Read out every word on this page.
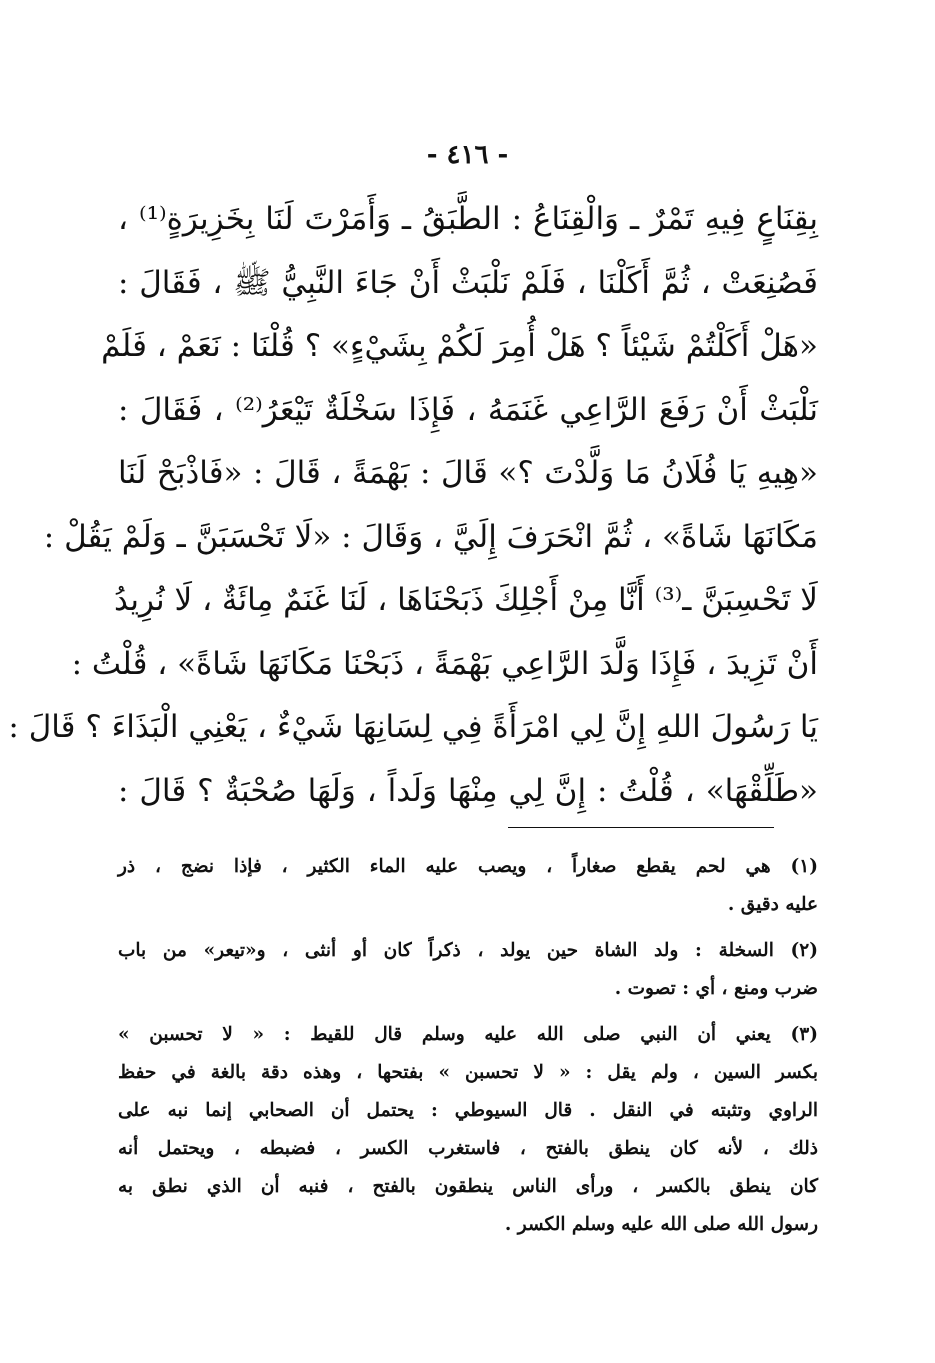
- ٤١٦ -
بِقِنَاعٍ فِيهِ تَمْرٌ ـ وَالْقِنَاعُ : الطَّبَقُ ـ وَأَمَرْتَ لَنَا بِخَزِيرَةٍ⁽¹⁾ ،
فَصُنِعَتْ ، ثُمَّ أَكَلْنَا ، فَلَمْ نَلْبَثْ أَنْ جَاءَ النَّبِيُّ ﷺ ، فَقَالَ :
«هَلْ أَكَلْتُمْ شَيْئاً ؟ هَلْ أُمِرَ لَكُمْ بِشَيْءٍ» ؟ قُلْنَا : نَعَمْ ، فَلَمْ
نَلْبَثْ أَنْ رَفَعَ الرَّاعِي غَنَمَهُ ، فَإِذَا سَخْلَةٌ تَيْعَرُ⁽²⁾ ، فَقَالَ :
«هِيهِ يَا فُلَانُ مَا وَلَّدْتَ ؟» قَالَ : بَهْمَةً ، قَالَ : «فَاذْبَحْ لَنَا
مَكَانَهَا شَاةً» ، ثُمَّ انْحَرَفَ إِلَيَّ ، وَقَالَ : «لَا تَحْسَبَنَّ ـ وَلَمْ يَقُلْ :
لَا تَحْسِبَنَّ ـ⁽³⁾ أَنَّا مِنْ أَجْلِكَ ذَبَحْنَاهَا ، لَنَا غَنَمٌ مِائَةٌ ، لَا نُرِيدُ
أَنْ تَزِيدَ ، فَإِذَا وَلَّدَ الرَّاعِي بَهْمَةً ، ذَبَحْنَا مَكَانَهَا شَاةً» ، قُلْتُ :
يَا رَسُولَ اللهِ إِنَّ لِي امْرَأَةً فِي لِسَانِهَا شَيْءٌ ، يَعْنِي الْبَذَاءَ ؟ قَالَ :
«طَلِّقْهَا» ، قُلْتُ : إِنَّ لِي مِنْهَا وَلَداً ، وَلَهَا صُحْبَةٌ ؟ قَالَ :
(١) هي لحم يقطع صغاراً ، ويصب عليه الماء الكثير ، فإذا نضج ، ذر
عليه دقيق .
(٢) السخلة : ولد الشاة حين يولد ، ذكراً كان أو أنثى ، و«تيعر» من باب
ضرب ومنع ، أي : تصوت .
(٣) يعني أن النبي صلى الله عليه وسلم قال للقيط : « لا تحسبن »
بكسر السين ، ولم يقل : « لا تحسبن » بفتحها ، وهذه دقة بالغة في حفظ
الراوي وتثبته في النقل . قال السيوطي : يحتمل أن الصحابي إنما نبه على
ذلك ، لأنه كان ينطق بالفتح ، فاستغرب الكسر ، فضبطه ، ويحتمل أنه
كان ينطق بالكسر ، ورأى الناس ينطقون بالفتح ، فنبه أن الذي نطق به
رسول الله صلى الله عليه وسلم الكسر .
